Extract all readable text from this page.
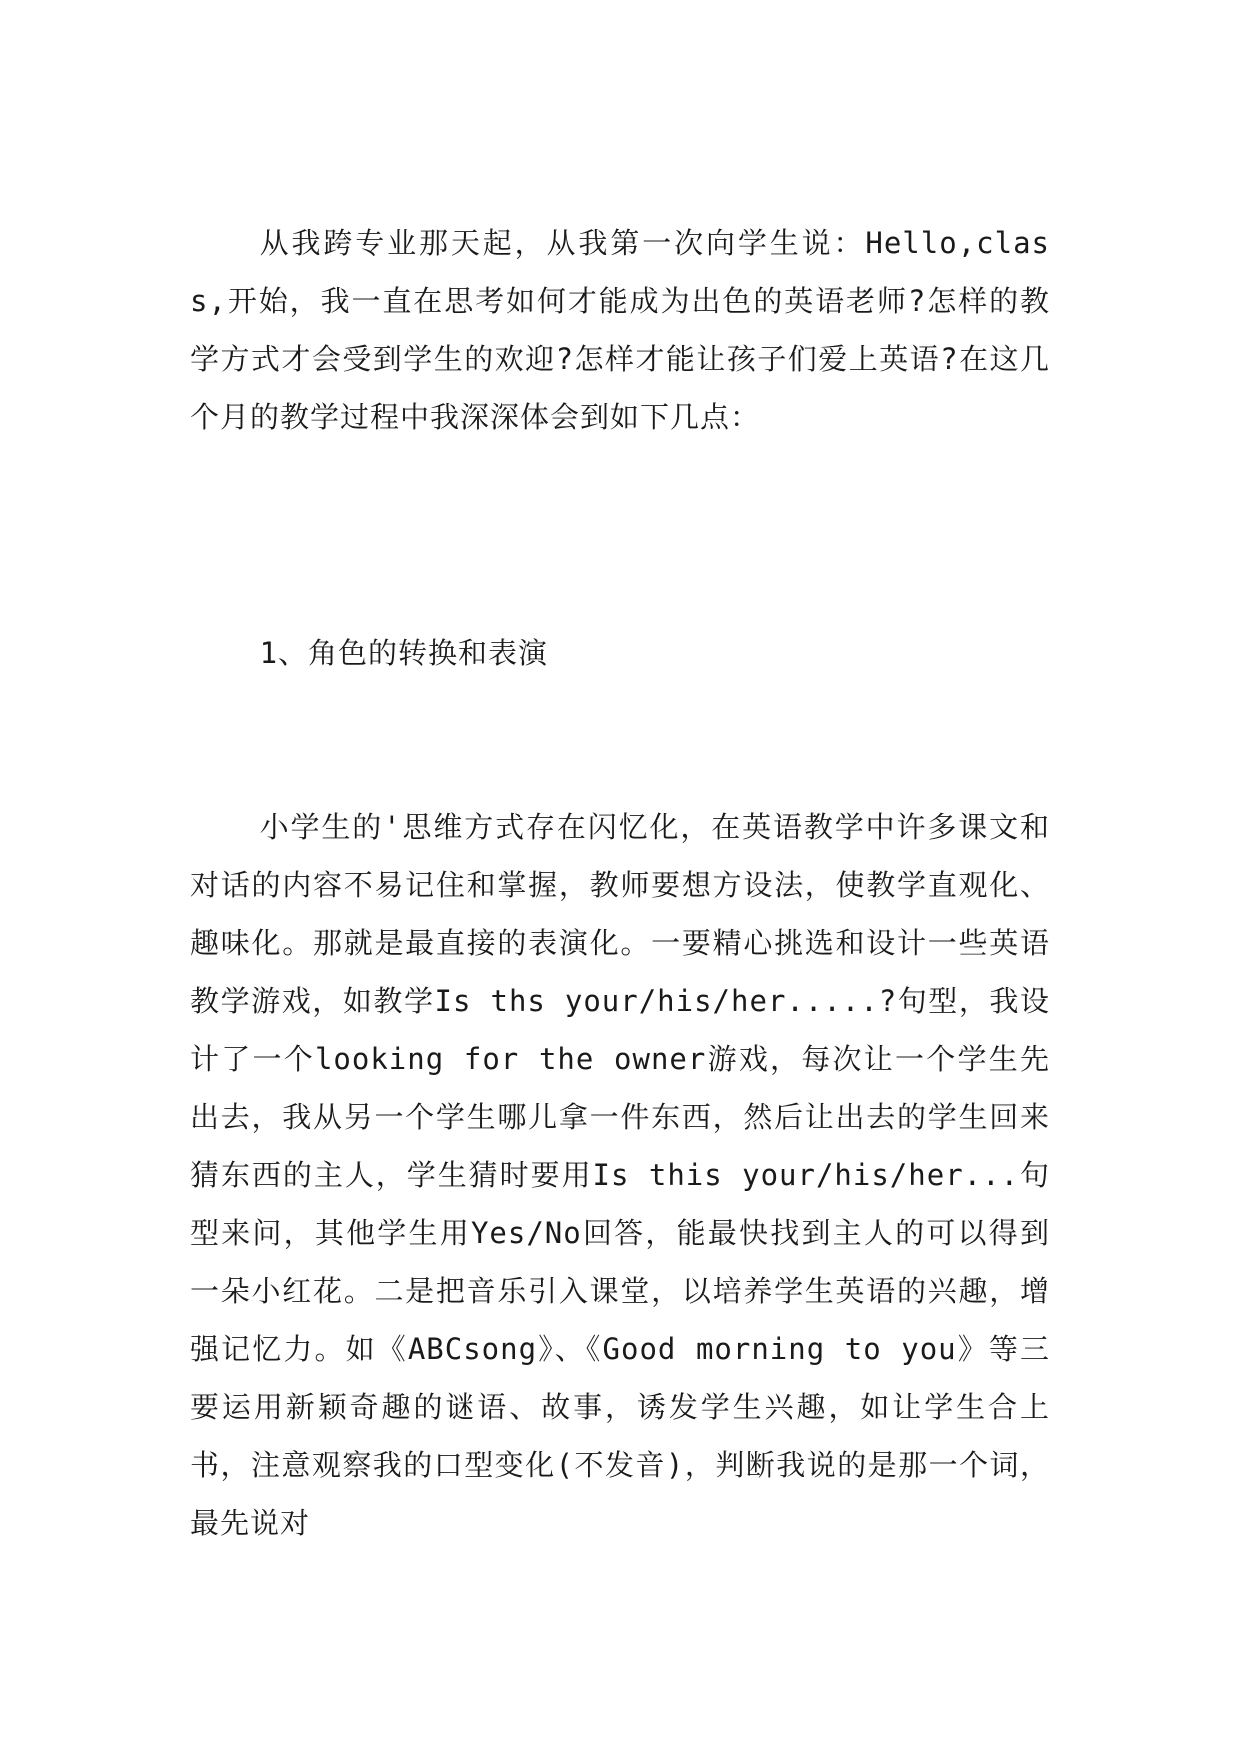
从我跨专业那天起，从我第一次向学生说：Hello,class,开始，我一直在思考如何才能成为出色的英语老师?怎样的教学方式才会受到学生的欢迎?怎样才能让孩子们爱上英语?在这几个月的教学过程中我深深体会到如下几点：

1、角色的转换和表演

小学生的'思维方式存在闪忆化，在英语教学中许多课文和对话的内容不易记住和掌握，教师要想方设法，使教学直观化、趣味化。那就是最直接的表演化。一要精心挑选和设计一些英语教学游戏，如教学Is ths your/his/her.....?句型，我设计了一个looking for the owner游戏，每次让一个学生先出去，我从另一个学生哪儿拿一件东西，然后让出去的学生回来猜东西的主人，学生猜时要用Is this your/his/her...句型来问，其他学生用Yes/No回答，能最快找到主人的可以得到一朵小红花。二是把音乐引入课堂，以培养学生英语的兴趣，增强记忆力。如《ABCsong》、《Good morning to you》等三要运用新颖奇趣的谜语、故事，诱发学生兴趣，如让学生合上书，注意观察我的口型变化(不发音)，判断我说的是那一个词，最先说对
